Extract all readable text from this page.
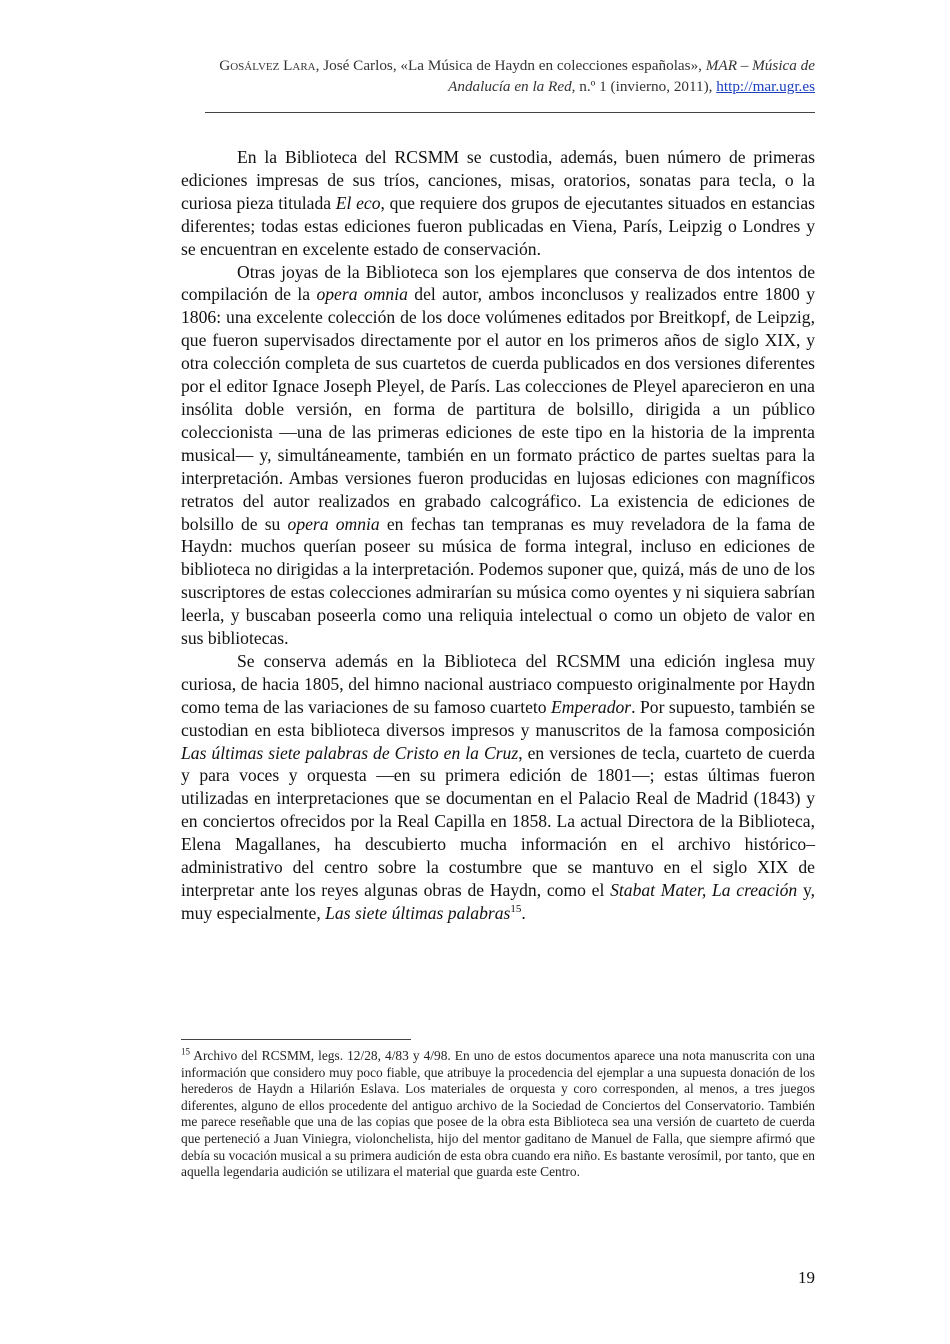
Gosálvez Lara, José Carlos, «La Música de Haydn en colecciones españolas», MAR – Música de
Andalucía en la Red, n.º 1 (invierno, 2011), http://mar.ugr.es

En la Biblioteca del RCSMM se custodia, además, buen número de primeras ediciones impresas de sus tríos, canciones, misas, oratorios, sonatas para tecla, o la curiosa pieza titulada El eco, que requiere dos grupos de ejecutantes situados en estancias diferentes; todas estas ediciones fueron publicadas en Viena, París, Leipzig o Londres y se encuentran en excelente estado de conservación.

Otras joyas de la Biblioteca son los ejemplares que conserva de dos intentos de compilación de la opera omnia del autor, ambos inconclusos y realizados entre 1800 y 1806: una excelente colección de los doce volúmenes editados por Breitkopf, de Leipzig, que fueron supervisados directamente por el autor en los primeros años de siglo XIX, y otra colección completa de sus cuartetos de cuerda publicados en dos versiones diferentes por el editor Ignace Joseph Pleyel, de París. Las colecciones de Pleyel aparecieron en una insólita doble versión, en forma de partitura de bolsillo, dirigida a un público coleccionista —una de las primeras ediciones de este tipo en la historia de la imprenta musical— y, simultáneamente, también en un formato práctico de partes sueltas para la interpretación. Ambas versiones fueron producidas en lujosas ediciones con magníficos retratos del autor realizados en grabado calcográfico. La existencia de ediciones de bolsillo de su opera omnia en fechas tan tempranas es muy reveladora de la fama de Haydn: muchos querían poseer su música de forma integral, incluso en ediciones de biblioteca no dirigidas a la interpretación. Podemos suponer que, quizá, más de uno de los suscriptores de estas colecciones admirarían su música como oyentes y ni siquiera sabrían leerla, y buscaban poseerla como una reliquia intelectual o como un objeto de valor en sus bibliotecas.

Se conserva además en la Biblioteca del RCSMM una edición inglesa muy curiosa, de hacia 1805, del himno nacional austriaco compuesto originalmente por Haydn como tema de las variaciones de su famoso cuarteto Emperador. Por supuesto, también se custodian en esta biblioteca diversos impresos y manuscritos de la famosa composición Las últimas siete palabras de Cristo en la Cruz, en versiones de tecla, cuarteto de cuerda y para voces y orquesta —en su primera edición de 1801—; estas últimas fueron utilizadas en interpretaciones que se documentan en el Palacio Real de Madrid (1843) y en conciertos ofrecidos por la Real Capilla en 1858. La actual Directora de la Biblioteca, Elena Magallanes, ha descubierto mucha información en el archivo histórico–administrativo del centro sobre la costumbre que se mantuvo en el siglo XIX de interpretar ante los reyes algunas obras de Haydn, como el Stabat Mater, La creación y, muy especialmente, Las siete últimas palabras$^{15}$.

$^{15}$ Archivo del RCSMM, legs. 12/28, 4/83 y 4/98. En uno de estos documentos aparece una nota manuscrita con una información que considero muy poco fiable, que atribuye la procedencia del ejemplar a una supuesta donación de los herederos de Haydn a Hilarión Eslava. Los materiales de orquesta y coro corresponden, al menos, a tres juegos diferentes, alguno de ellos procedente del antiguo archivo de la Sociedad de Conciertos del Conservatorio. También me parece reseñable que una de las copias que posee de la obra esta Biblioteca sea una versión de cuarteto de cuerda que perteneció a Juan Viniegra, violonchelista, hijo del mentor gaditano de Manuel de Falla, que siempre afirmó que debía su vocación musical a su primera audición de esta obra cuando era niño. Es bastante verosímil, por tanto, que en aquella legendaria audición se utilizara el material que guarda este Centro.
19
